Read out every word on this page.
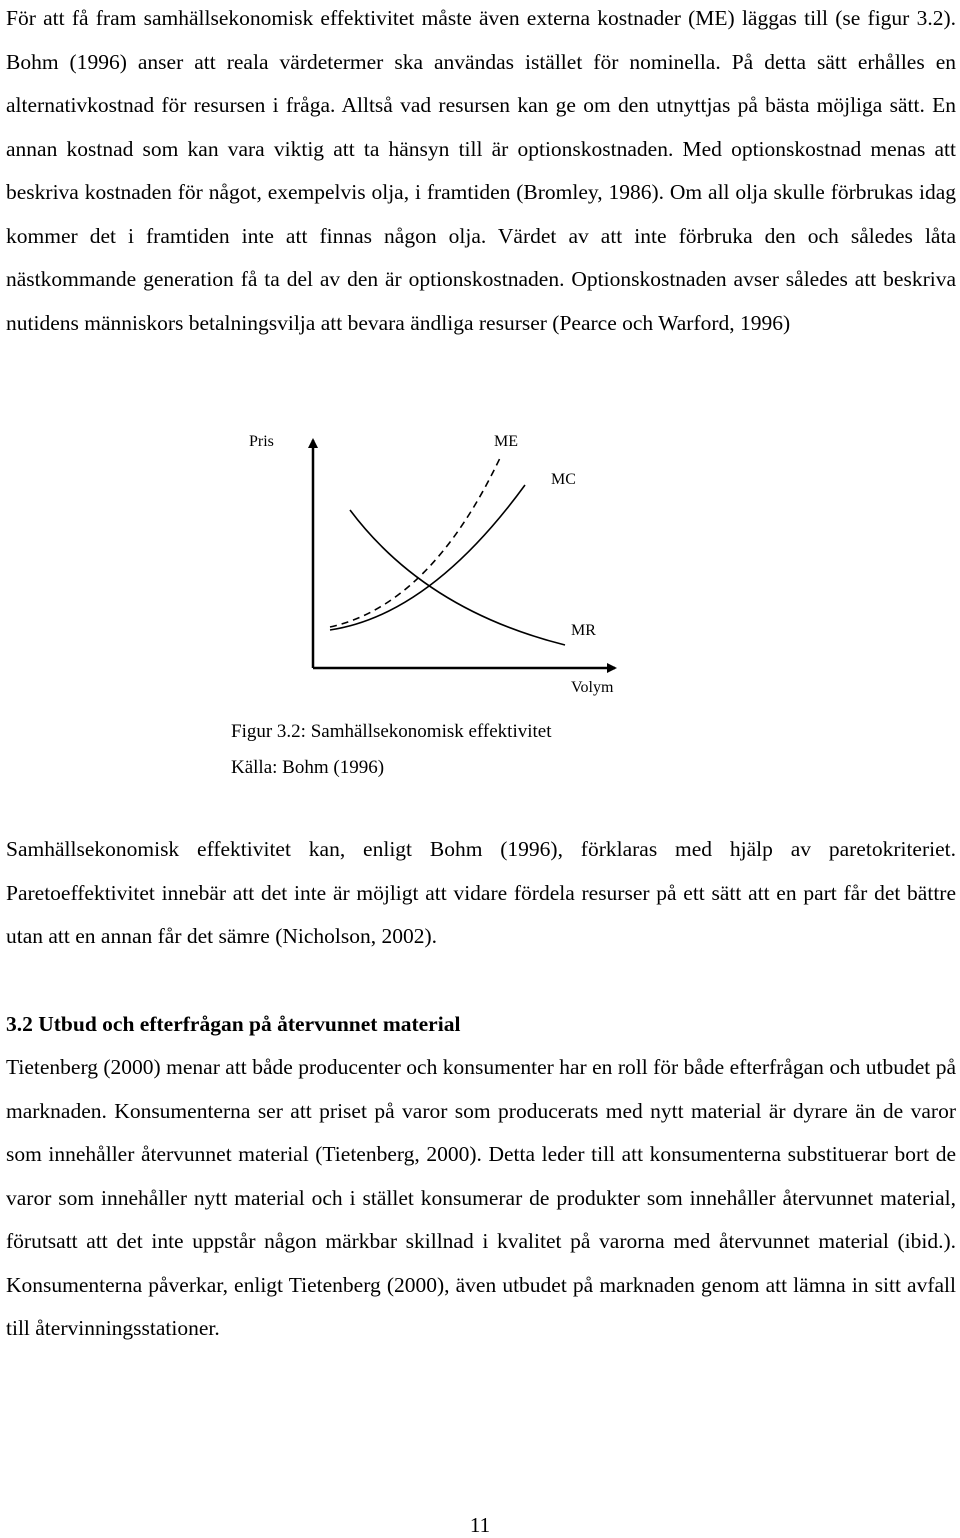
För att få fram samhällsekonomisk effektivitet måste även externa kostnader (ME) läggas till (se figur 3.2). Bohm (1996) anser att reala värdetermer ska användas istället för nominella. På detta sätt erhålles en alternativkostnad för resursen i fråga. Alltså vad resursen kan ge om den utnyttjas på bästa möjliga sätt. En annan kostnad som kan vara viktig att ta hänsyn till är optionskostnaden. Med optionskostnad menas att beskriva kostnaden för något, exempelvis olja, i framtiden (Bromley, 1986). Om all olja skulle förbrukas idag kommer det i framtiden inte att finnas någon olja. Värdet av att inte förbruka den och således låta nästkommande generation få ta del av den är optionskostnaden. Optionskostnaden avser således att beskriva nutidens människors betalningsvilja att bevara ändliga resurser (Pearce och Warford, 1996)

Pris	ME
MC
MR
Volym
Figur 3.2: Samhällsekonomisk effektivitet
Källa: Bohm (1996)

Samhällsekonomisk effektivitet kan, enligt Bohm (1996), förklaras med hjälp av paretokriteriet. Paretoeffektivitet innebär att det inte är möjligt att vidare fördela resurser på ett sätt att en part får det bättre utan att en annan får det sämre (Nicholson, 2002).

3.2 Utbud och efterfrågan på återvunnet material

Tietenberg (2000) menar att både producenter och konsumenter har en roll för både efterfrågan och utbudet på marknaden. Konsumenterna ser att priset på varor som producerats med nytt material är dyrare än de varor som innehåller återvunnet material (Tietenberg, 2000). Detta leder till att konsumenterna substituerar bort de varor som innehåller nytt material och i stället konsumerar de produkter som innehåller återvunnet material, förutsatt att det inte uppstår någon märkbar skillnad i kvalitet på varorna med återvunnet material (ibid.). Konsumenterna påverkar, enligt Tietenberg (2000), även utbudet på marknaden genom att lämna in sitt avfall till återvinningsstationer.

11
